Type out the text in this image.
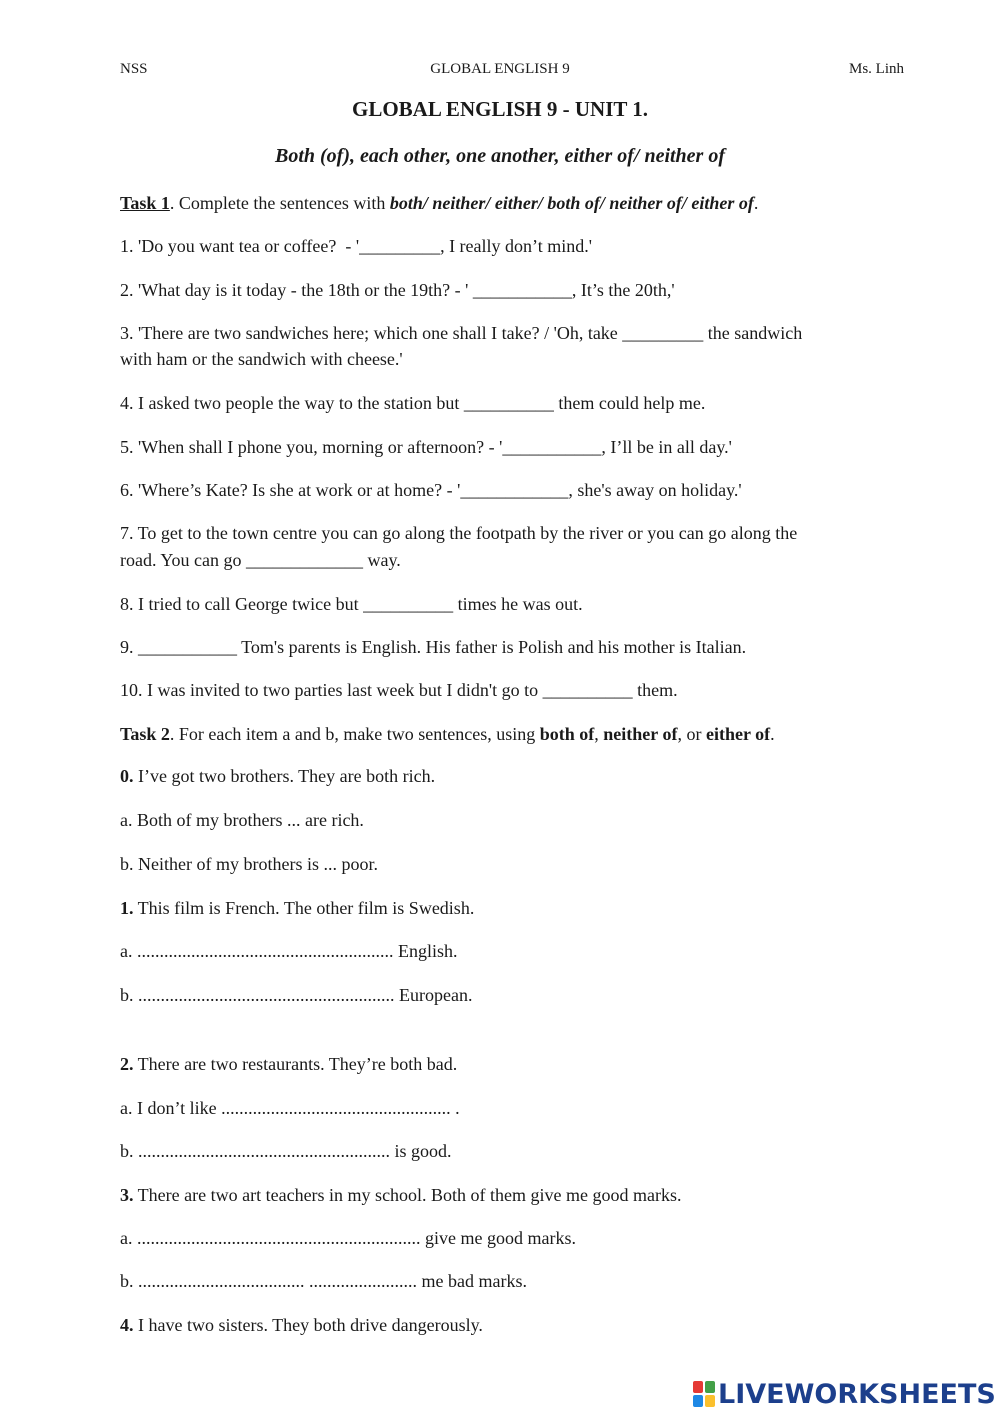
NSS	GLOBAL ENGLISH 9	Ms. Linh
GLOBAL ENGLISH 9 - UNIT 1.
Both (of), each other, one another, either of/ neither of
Task 1. Complete the sentences with both/ neither/ either/ both of/ neither of/ either of.
1. 'Do you want tea or coffee?  - '_________, I really don’t mind.'
2. 'What day is it today - the 18th or the 19th? - ' ___________, It’s the 20th,'
3. 'There are two sandwiches here; which one shall I take? / 'Oh, take _________ the sandwich
with ham or the sandwich with cheese.'
4. I asked two people the way to the station but __________ them could help me.
5. 'When shall I phone you, morning or afternoon? - '___________, I’ll be in all day.'
6. 'Where’s Kate? Is she at work or at home? - '____________, she's away on holiday.'
7. To get to the town centre you can go along the footpath by the river or you can go along the
road. You can go _____________ way.
8. I tried to call George twice but __________ times he was out.
9. ___________ Tom's parents is English. His father is Polish and his mother is Italian.
10. I was invited to two parties last week but I didn't go to __________ them.
Task 2. For each item a and b, make two sentences, using both of, neither of, or either of.
0. I’ve got two brothers. They are both rich.
a. Both of my brothers ... are rich.
b. Neither of my brothers is ... poor.
1. This film is French. The other film is Swedish.
a. ......................................................... English.
b. ......................................................... European.
2. There are two restaurants. They’re both bad.
a. I don’t like ................................................... .
b. ........................................................ is good.
3. There are two art teachers in my school. Both of them give me good marks.
a. ............................................................... give me good marks.
b. ..................................... ........................ me bad marks.
4. I have two sisters. They both drive dangerously.
LIVEWORKSHEETS
